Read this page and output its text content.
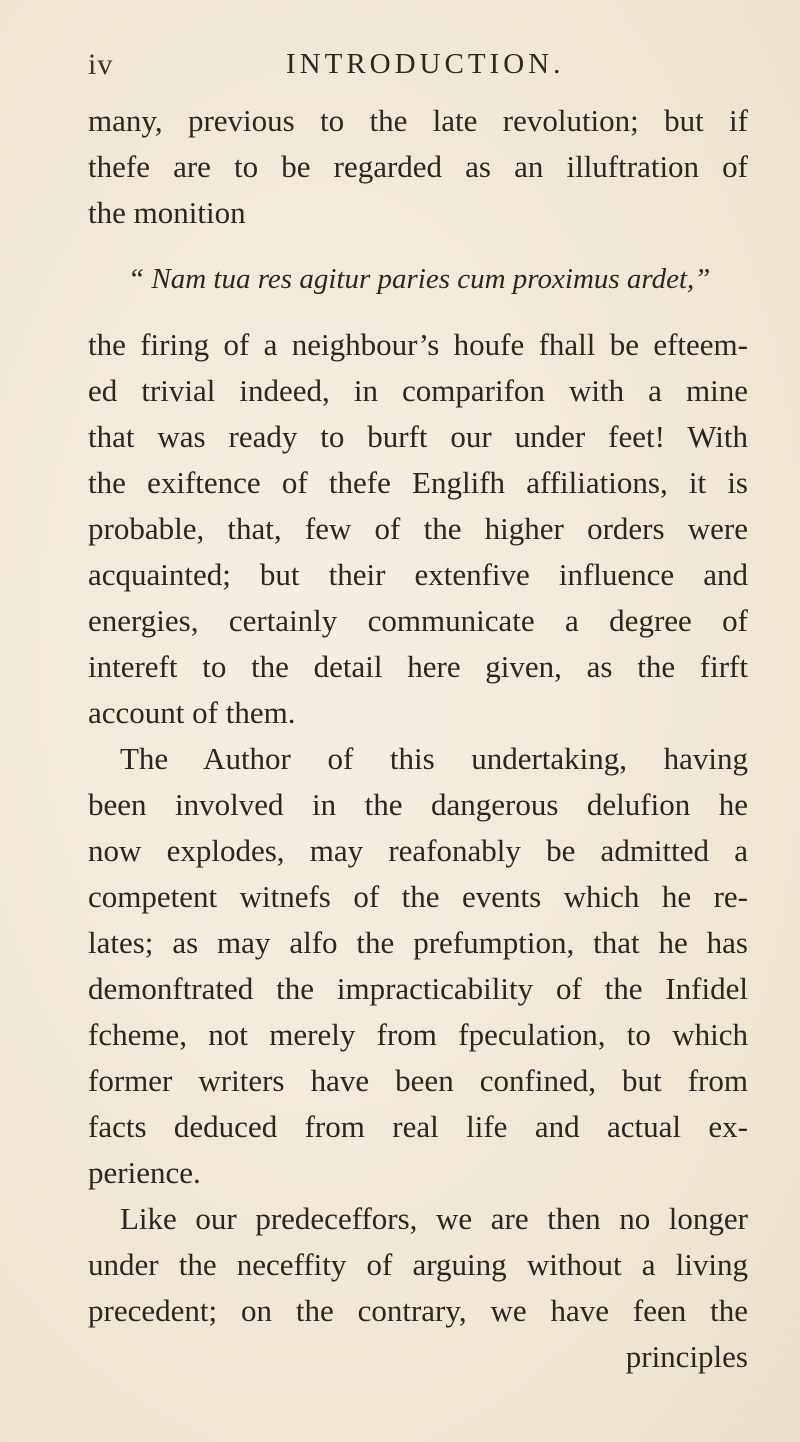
iv	INTRODUCTION.
many, previous to the late revolution; but if
thefe are to be regarded as an illuftration of
the monition
“ Nam tua res agitur paries cum proximus ardet,”
the firing of a neighbour’s houfe fhall be efteem-
ed trivial indeed, in comparifon with a mine
that was ready to burft our under feet! With
the exiftence of thefe Englifh affiliations, it is
probable, that, few of the higher orders were
acquainted; but their extenfive influence and
energies, certainly communicate a degree of
intereft to the detail here given, as the firft
account of them.
The Author of this undertaking, having
been involved in the dangerous delufion he
now explodes, may reafonably be admitted a
competent witnefs of the events which he re-
lates; as may alfo the prefumption, that he has
demonftrated the impracticability of the Infidel
fcheme, not merely from fpeculation, to which
former writers have been confined, but from
facts deduced from real life and actual ex-
perience.
Like our predeceffors, we are then no longer
under the neceffity of arguing without a living
precedent; on the contrary, we have feen the
principles
